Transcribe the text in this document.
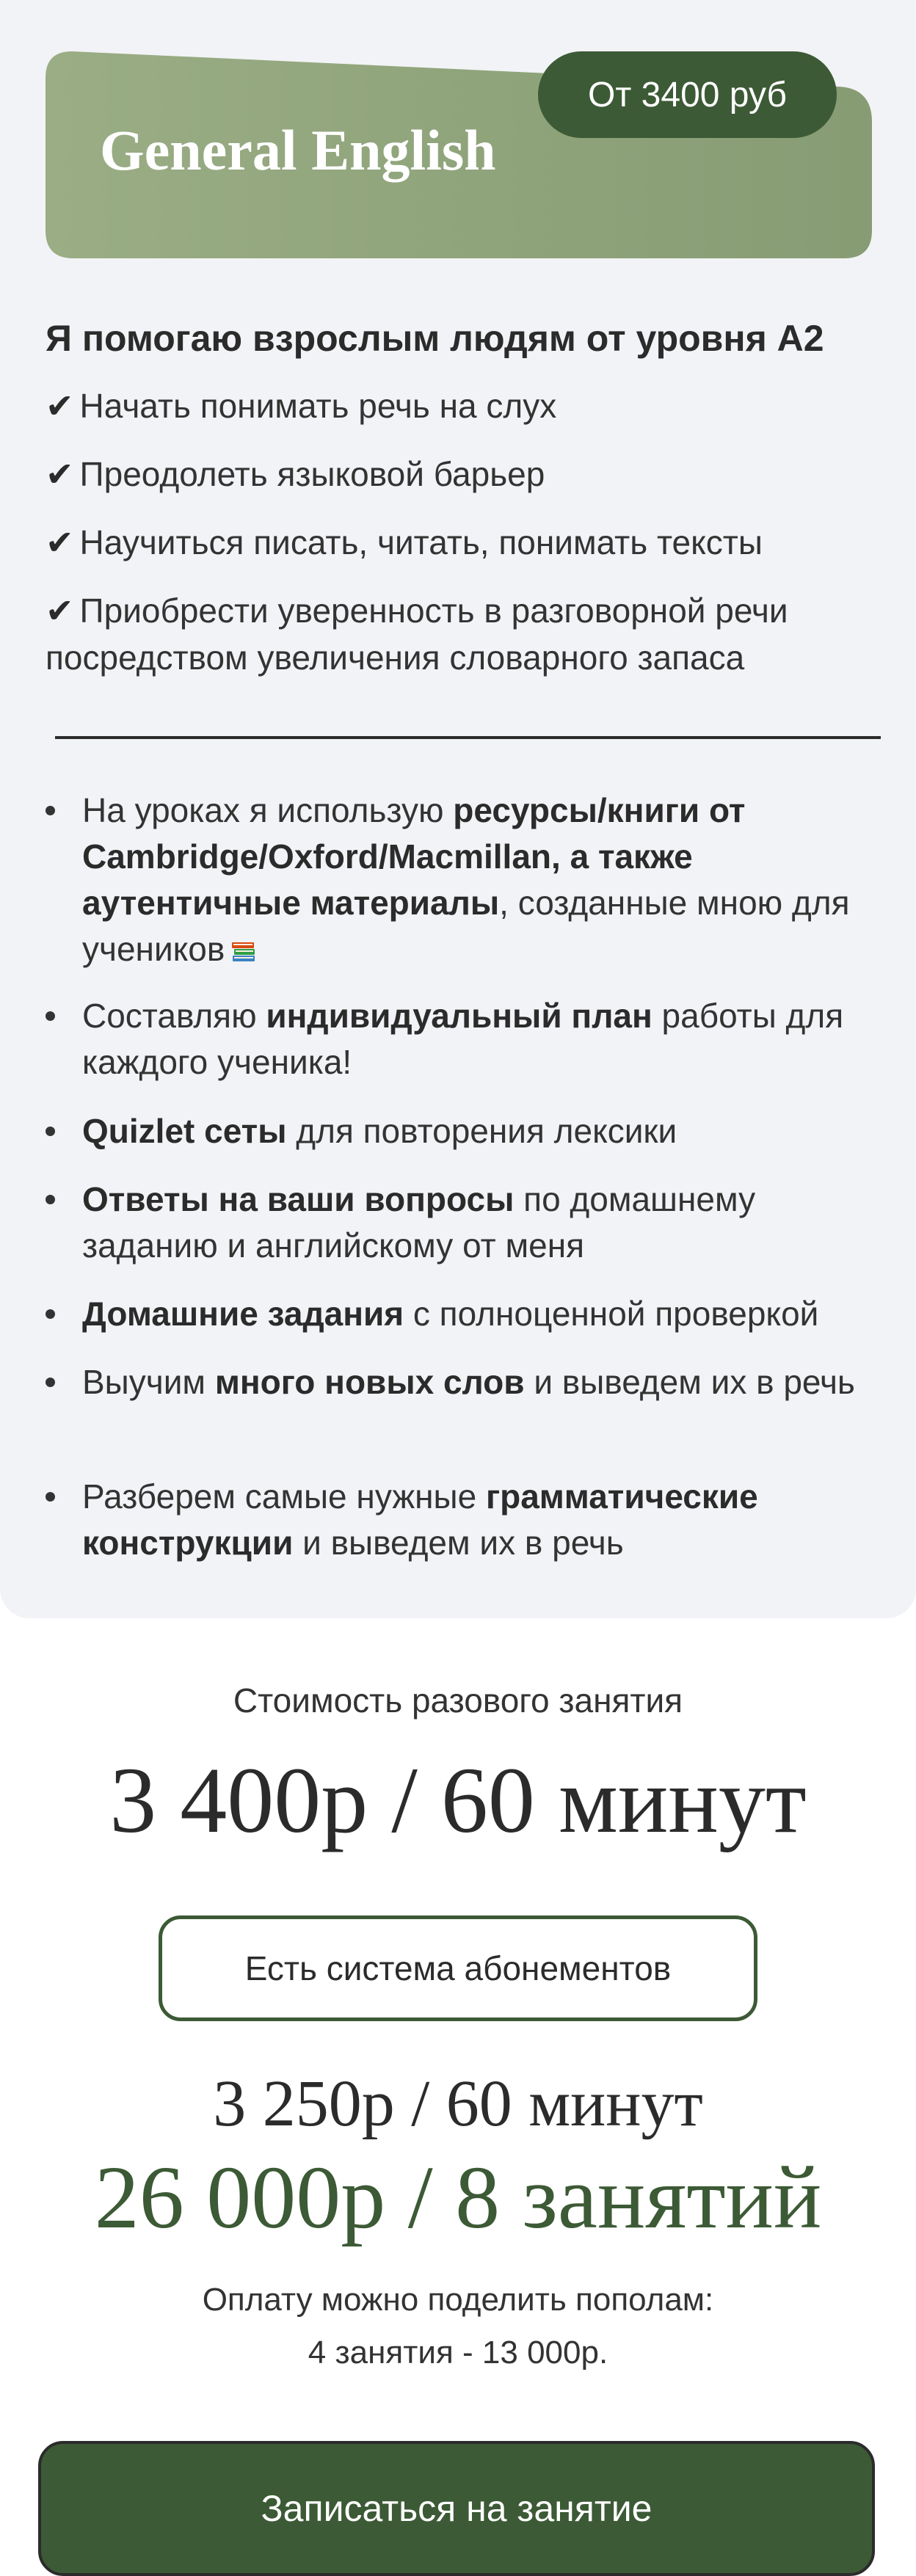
General English
От 3400 руб
Я помогаю взрослым людям от уровня А2
✔ Начать понимать речь на слух
✔ Преодолеть языковой барьер
✔ Научиться писать, читать, понимать тексты
✔ Приобрести уверенность в разговорной речи посредством увеличения словарного запаса
На уроках я использую ресурсы/книги от Cambridge/Oxford/Macmillan, а также аутентичные материалы, созданные мною для учеников
Составляю индивидуальный план работы для каждого ученика!
Quizlet сеты для повторения лексики
Ответы на ваши вопросы по домашнему заданию и английскому от меня
Домашние задания с полноценной проверкой
Выучим много новых слов и выведем их в речь
Разберем самые нужные грамматические конструкции и выведем их в речь
Стоимость разового занятия
3 400р / 60 минут
Есть система абонементов
3 250р / 60 минут
26 000р / 8 занятий
Оплату можно поделить пополам:
4 занятия - 13 000р.
Записаться на занятие
